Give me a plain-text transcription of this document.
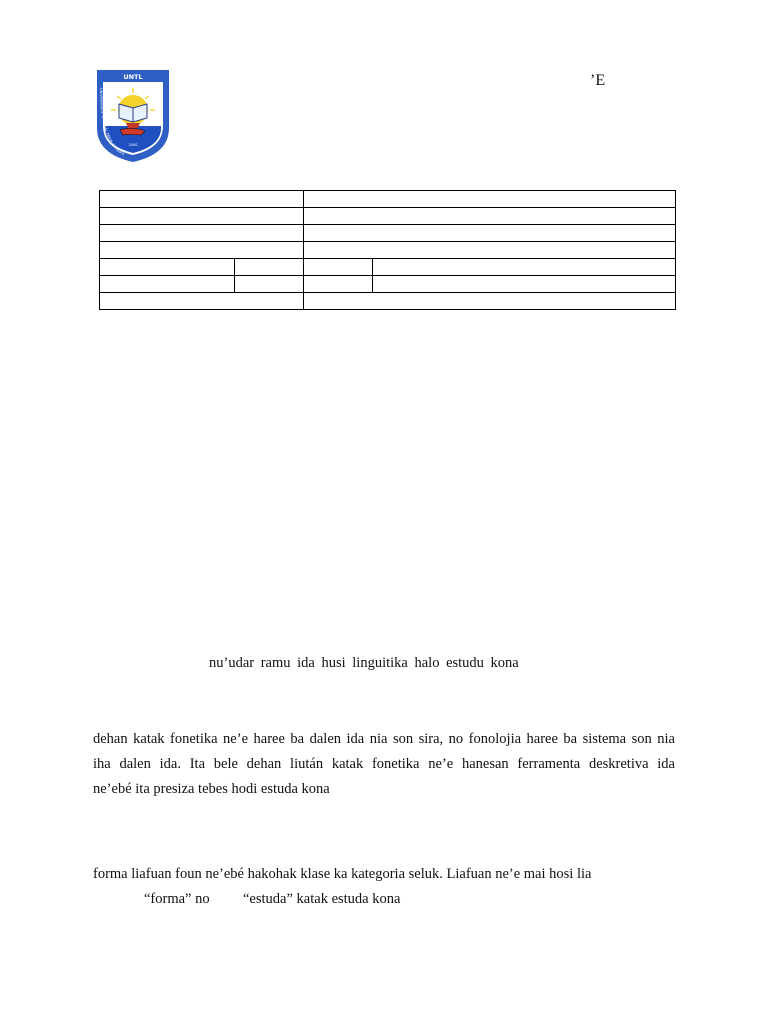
UNTL
2000
UNIVERSIDADE NACIONAL TIMOR LOROSA'E
’E

nu’udar ramu ida husi linguitika halo estudu kona
dehan katak fonetika ne’e haree ba dalen ida nia son sira, no fonolojia haree ba sistema son nia
iha dalen ida. Ita bele dehan liután katak fonetika ne’e hanesan ferramenta deskretiva ida
ne’ebé ita presiza tebes hodi estuda kona
forma liafuan foun ne’ebé hakohak klase ka kategoria seluk. Liafuan ne’e mai hosi lia
“forma” no “estuda” katak estuda kona
